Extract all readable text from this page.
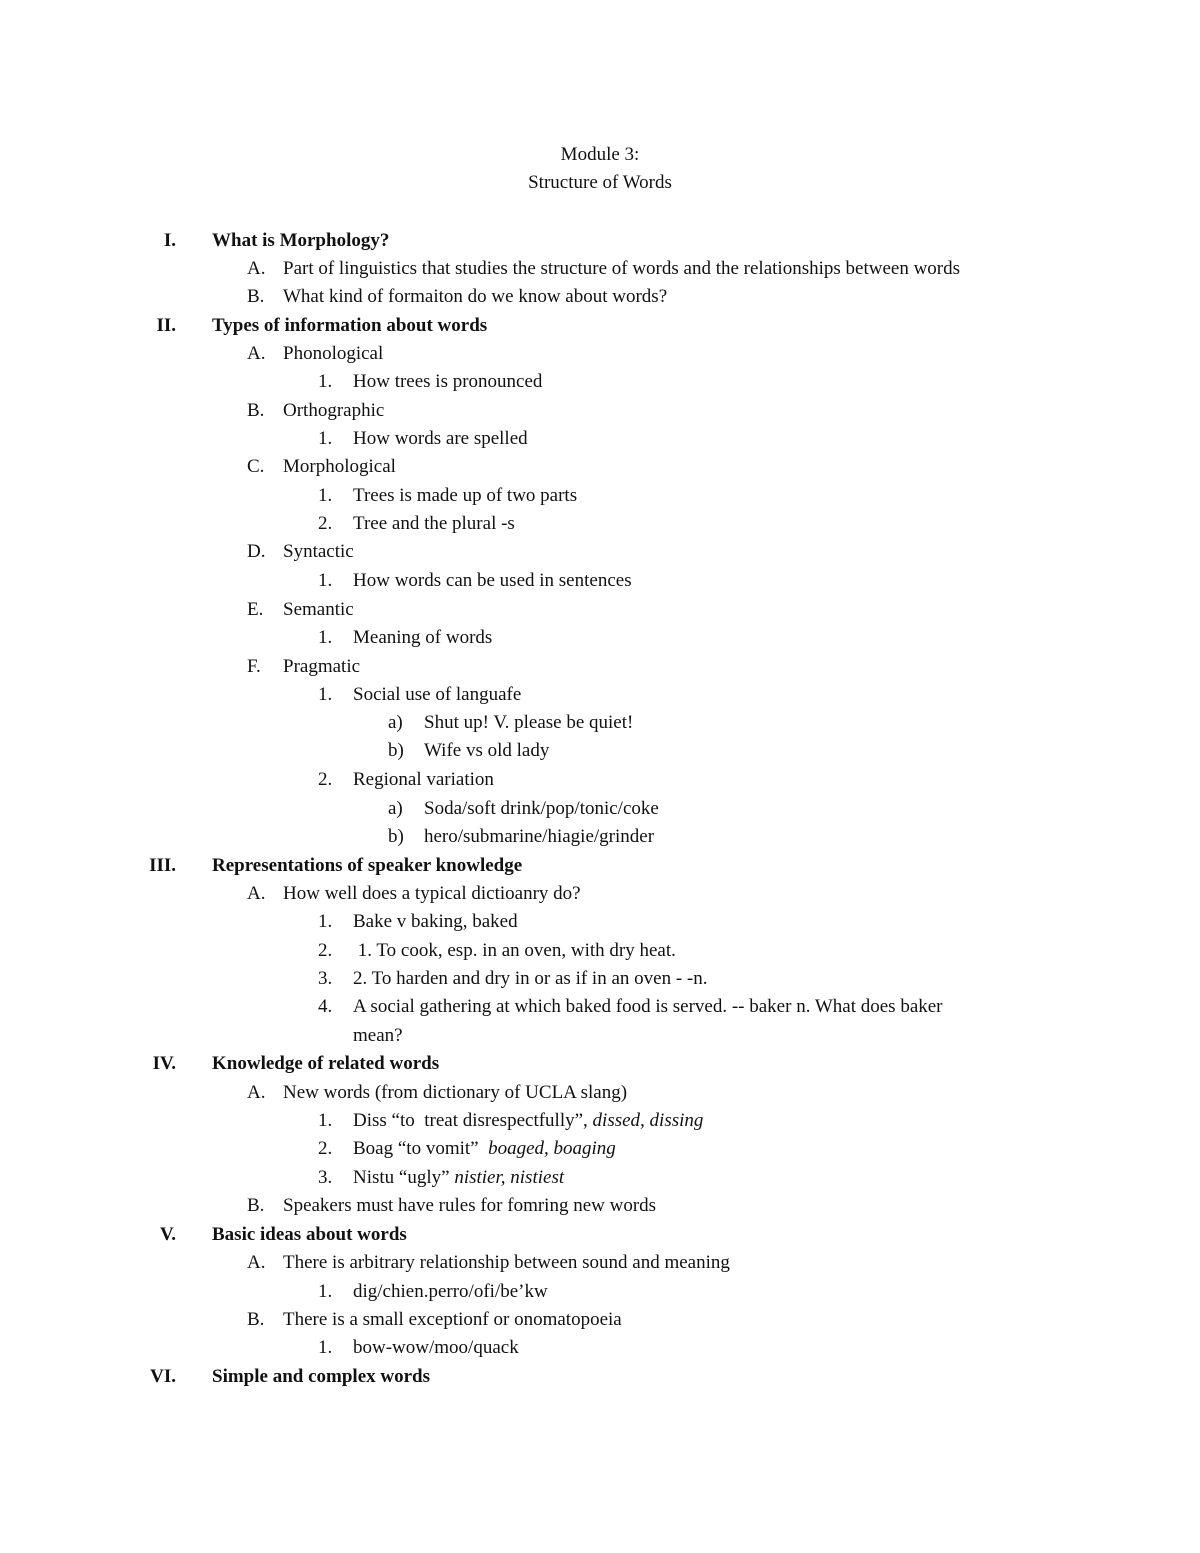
Module 3:
Structure of Words
I. What is Morphology?
A. Part of linguistics that studies the structure of words and the relationships between words
B. What kind of formaiton do we know about words?
II. Types of information about words
A. Phonological
1. How trees is pronounced
B. Orthographic
1. How words are spelled
C. Morphological
1. Trees is made up of two parts
2. Tree and the plural -s
D. Syntactic
1. How words can be used in sentences
E. Semantic
1. Meaning of words
F. Pragmatic
1. Social use of languafe
a) Shut up! V. please be quiet!
b) Wife vs old lady
2. Regional variation
a) Soda/soft drink/pop/tonic/coke
b) hero/submarine/hiagie/grinder
III. Representations of speaker knowledge
A. How well does a typical dictioanry do?
1. Bake v baking, baked
2. 1. To cook, esp. in an oven, with dry heat.
3. 2. To harden and dry in or as if in an oven - -n.
4. A social gathering at which baked food is served. -- baker n. What does baker
mean?
IV. Knowledge of related words
A. New words (from dictionary of UCLA slang)
1. Diss “to  treat disrespectfully”, dissed, dissing
2. Boag “to vomit”  boaged, boaging
3. Nistu “ugly” nistier, nistiest
B. Speakers must have rules for fomring new words
V. Basic ideas about words
A. There is arbitrary relationship between sound and meaning
1. dig/chien.perro/ofi/be’kw
B. There is a small exceptionf or onomatopoeia
1. bow-wow/moo/quack
VI. Simple and complex words
